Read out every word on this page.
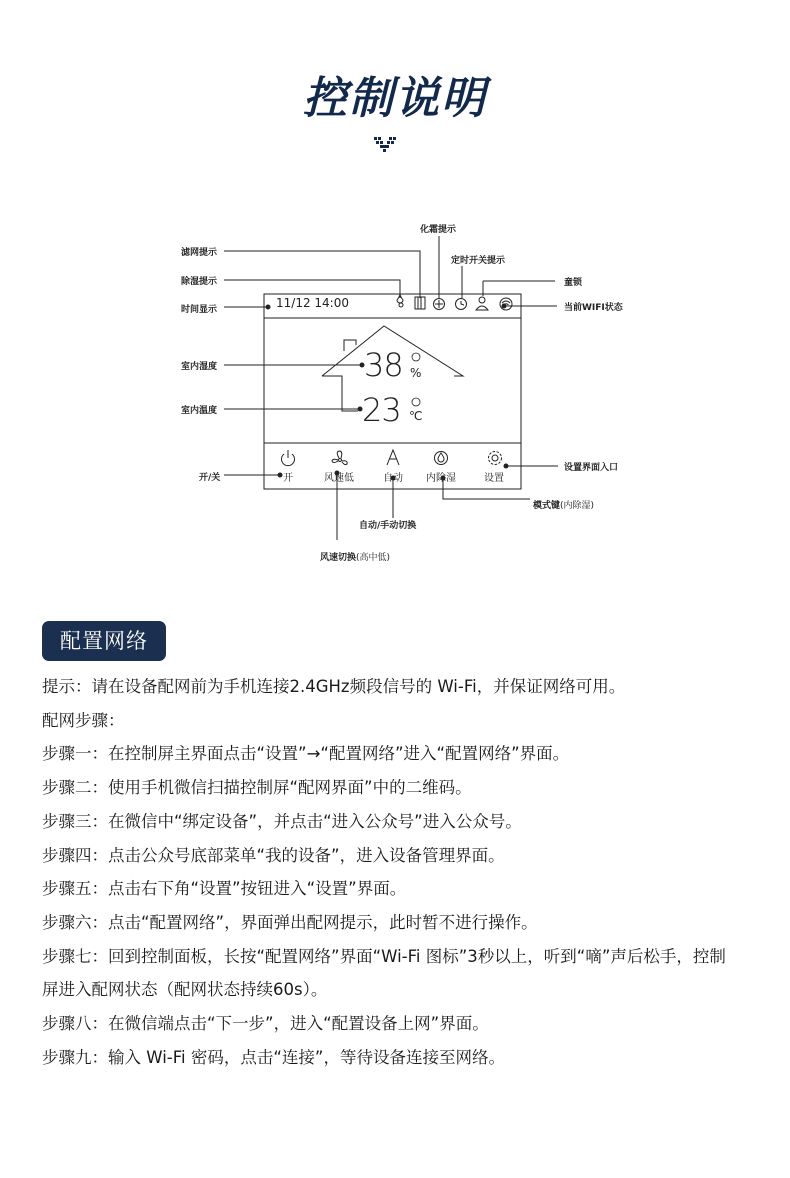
控制说明
11/12 14:00
38 %
23 ℃
开	风速低	自动 内除湿	设置
化霜提示
滤网提示
定时开关提示
除湿提示	童锁
时间显示	当前WIFI状态
室内湿度
室内温度
设置界面入口
开/关
模式键(内除湿)
自动/手动切换
风速切换(高中低)
配置网络

提示：请在设备配网前为手机连接2.4GHz频段信号的 Wi-Fi，并保证网络可用。

配网步骤：

步骤一：在控制屏主界面点击“设置”→“配置网络”进入“配置网络”界面。

步骤二：使用手机微信扫描控制屏“配网界面”中的二维码。

步骤三：在微信中“绑定设备”，并点击“进入公众号”进入公众号。

步骤四：点击公众号底部菜单“我的设备”，进入设备管理界面。

步骤五：点击右下角“设置”按钮进入“设置”界面。

步骤六：点击“配置网络”，界面弹出配网提示，此时暂不进行操作。

步骤七：回到控制面板，长按“配置网络”界面“Wi-Fi 图标”3秒以上，听到“嘀”声后松手，控制

屏进入配网状态（配网状态持续60s）。

步骤八：在微信端点击“下一步”，进入“配置设备上网”界面。

步骤九：输入 Wi-Fi 密码，点击“连接”，等待设备连接至网络。
